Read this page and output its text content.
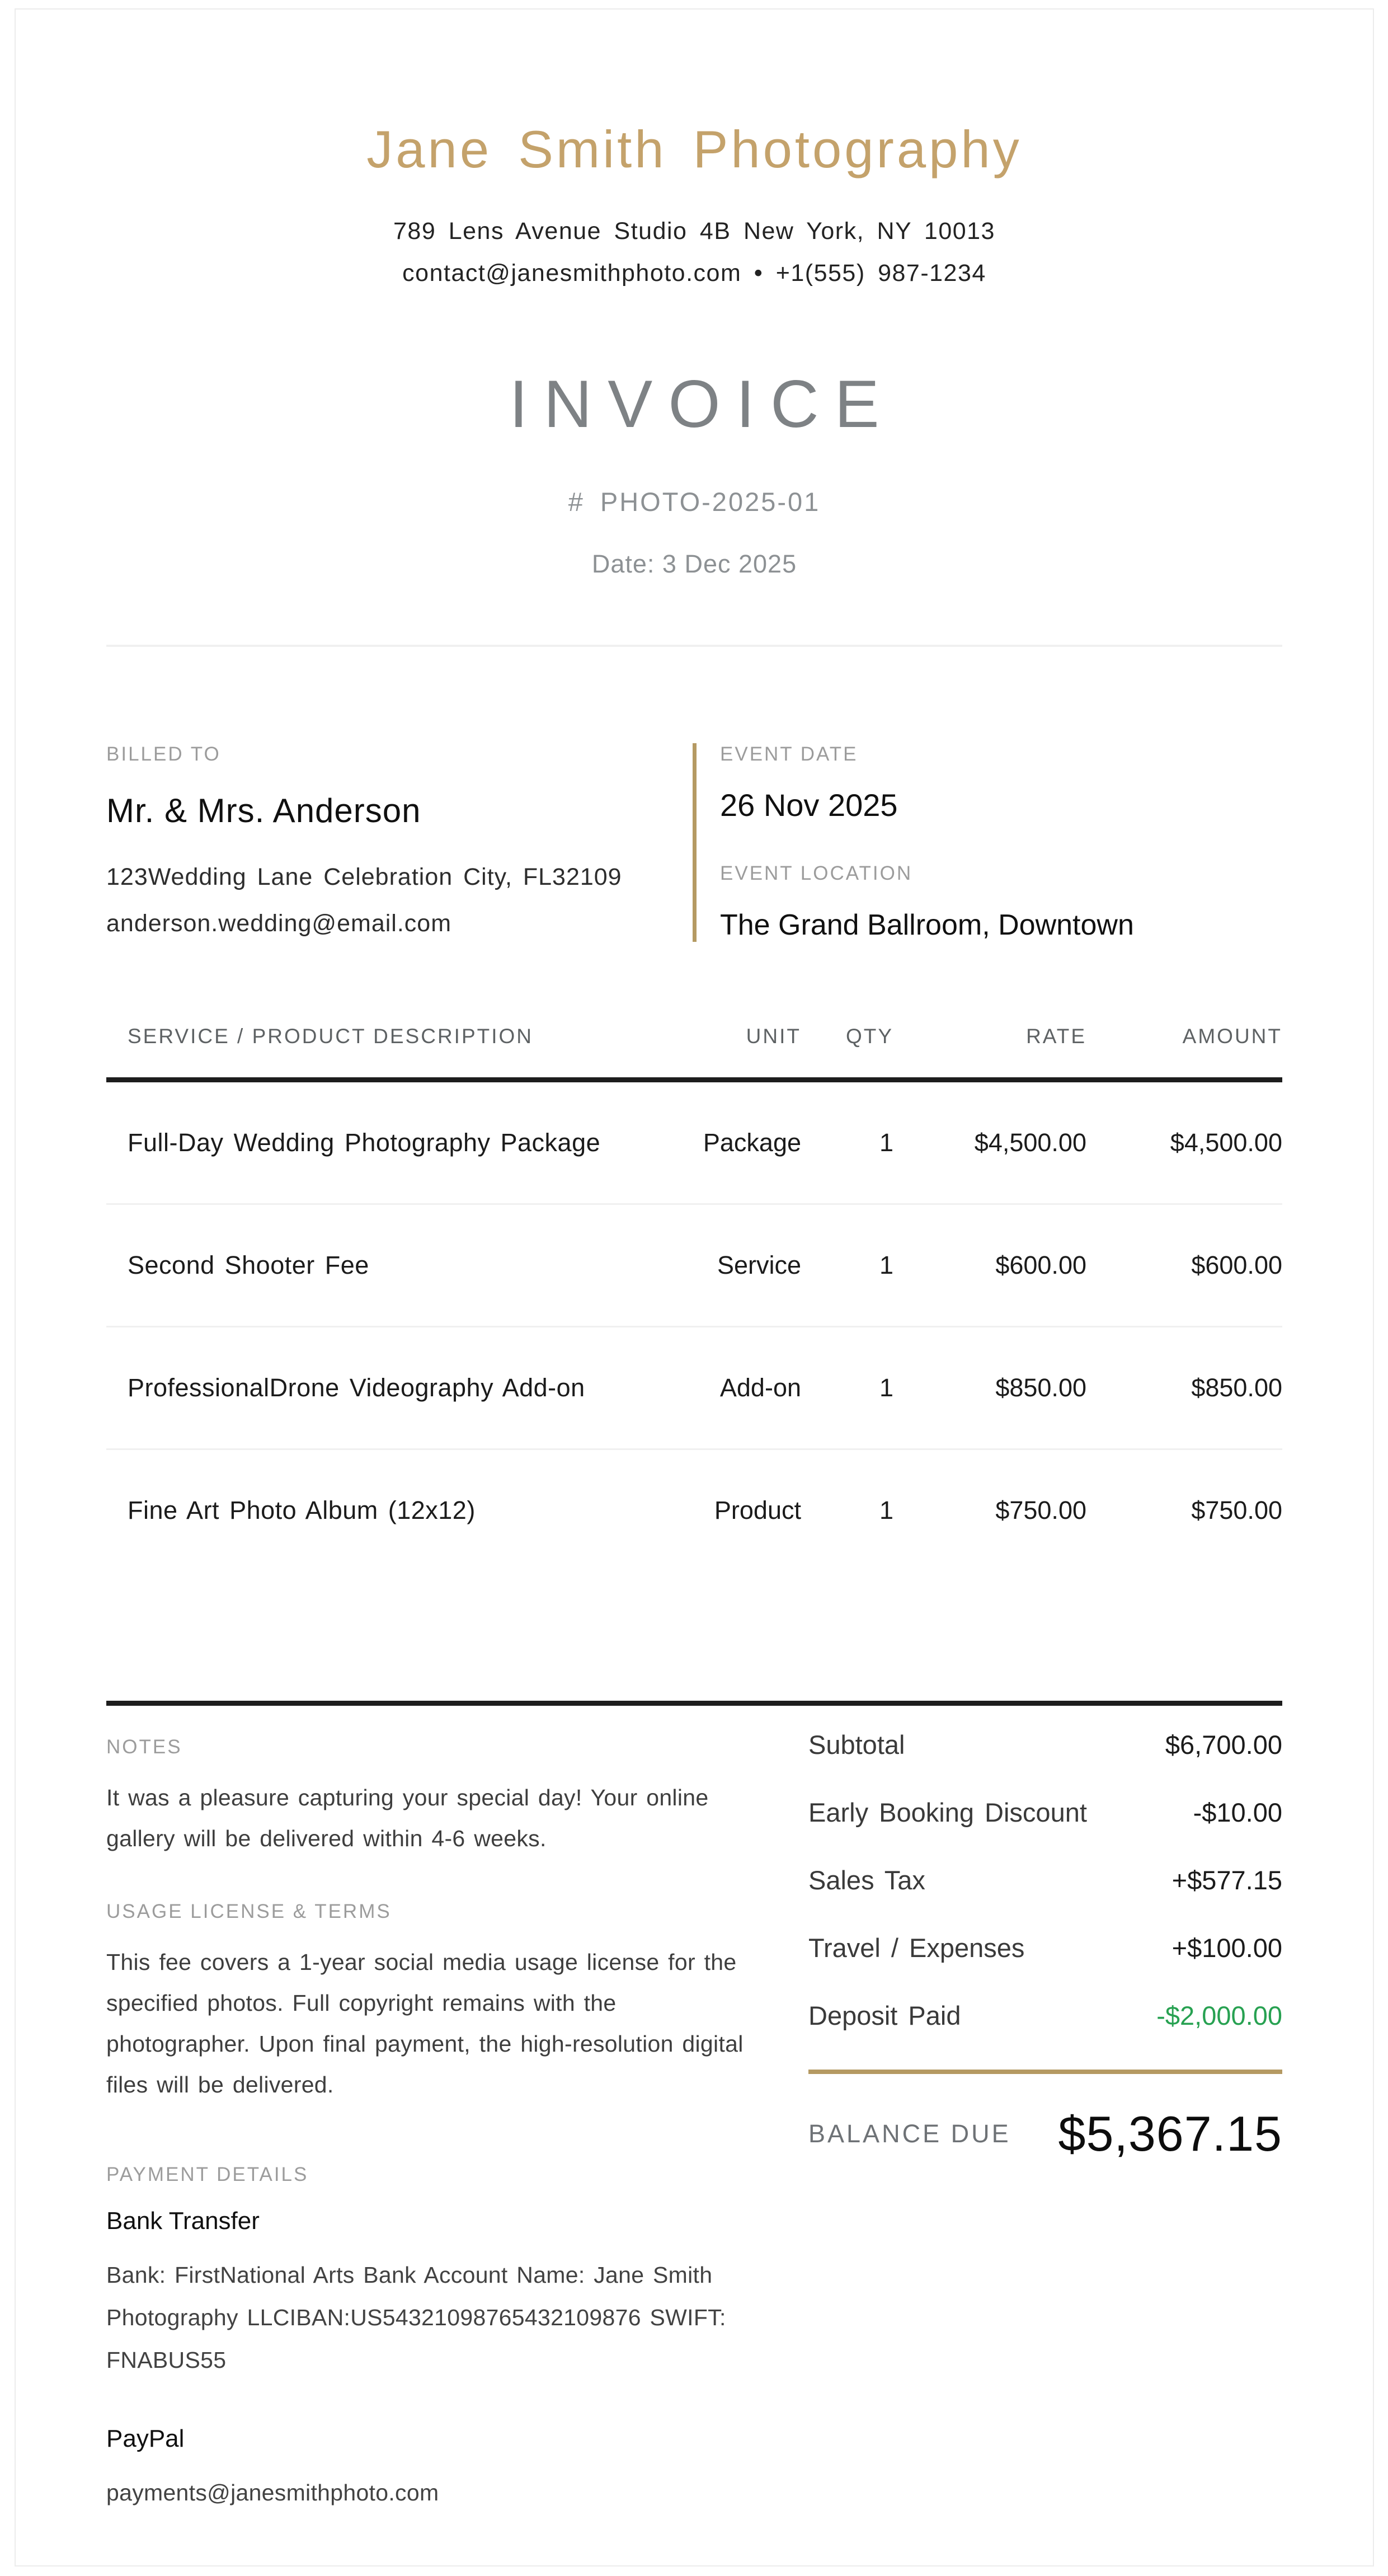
Jane Smith Photography
789 Lens Avenue Studio 4B New York, NY 10013
contact@janesmithphoto.com • +1(555) 987-1234
INVOICE
# PHOTO-2025-01
Date: 3 Dec 2025
BILLED TO
Mr. & Mrs. Anderson
123Wedding Lane Celebration City, FL32109
anderson.wedding@email.com
EVENT DATE
26 Nov 2025
EVENT LOCATION
The Grand Ballroom, Downtown
SERVICE / PRODUCT DESCRIPTION	UNIT	QTY	RATE	AMOUNT
Full-Day Wedding Photography Package	Package	1	$4,500.00	$4,500.00
Second Shooter Fee	Service	1	$600.00	$600.00
ProfessionalDrone Videography Add-on	Add-on	1	$850.00	$850.00
Fine Art Photo Album (12x12)	Product	1	$750.00	$750.00
NOTES
It was a pleasure capturing your special day! Your online gallery will be delivered within 4-6 weeks.
USAGE LICENSE & TERMS
This fee covers a 1-year social media usage license for the specified photos. Full copyright remains with the photographer. Upon final payment, the high-resolution digital files will be delivered.
PAYMENT DETAILS
Bank Transfer
Bank: FirstNational Arts Bank Account Name: Jane Smith Photography LLCIBAN:US54321098765432109876 SWIFT: FNABUS55
PayPal
payments@janesmithphoto.com
Subtotal	$6,700.00
Early Booking Discount	-$10.00
Sales Tax	+$577.15
Travel / Expenses	+$100.00
Deposit Paid	-$2,000.00
BALANCE DUE $5,367.15
